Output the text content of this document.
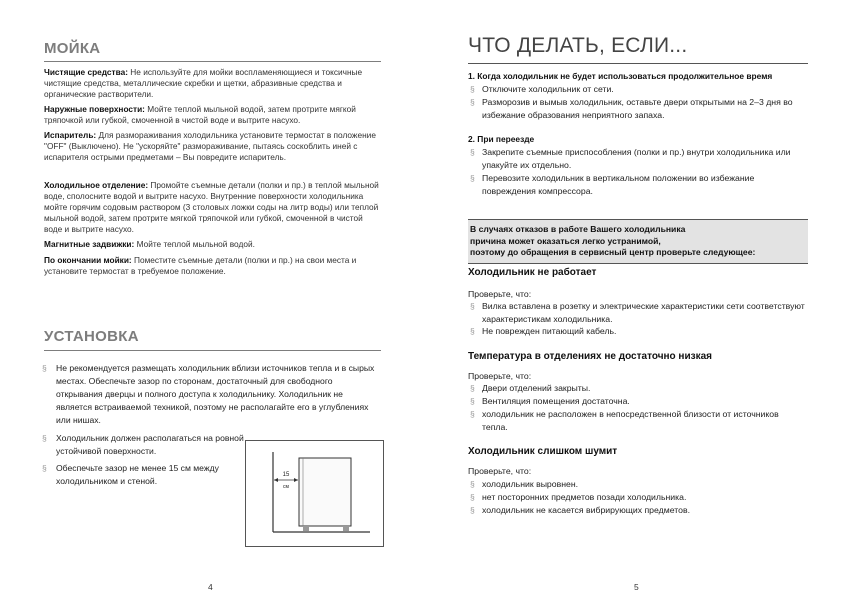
МОЙКА
Чистящие средства: Не используйте для мойки воспламеняющиеся и токсичные чистящие средства, металлические скребки и щетки, абразивные средства и органические растворители.
Наружные поверхности: Мойте теплой мыльной водой, затем протрите мягкой тряпочкой или губкой, смоченной в чистой воде и вытрите насухо.
Испаритель: Для размораживания холодильника установите термостат в положение "OFF" (Выключено). Не "ускоряйте" размораживание, пытаясь соскоблить иней с испарителя острыми предметами – Вы повредите испаритель.
Холодильное отделение: Промойте съемные детали (полки и пр.) в теплой мыльной воде, сполосните водой и вытрите насухо. Внутренние поверхности холодильника мойте горячим содовым раствором (3 столовых ложки соды на литр воды) или теплой мыльной водой, затем протрите мягкой тряпочкой или губкой, смоченной в чистой воде и вытрите насухо.
Магнитные задвижки: Мойте теплой мыльной водой.
По окончании мойки: Поместите съемные детали (полки и пр.) на свои места и установите термостат в требуемое положение.
УСТАНОВКА
§ Не рекомендуется размещать холодильник вблизи источников тепла и в сырых местах. Обеспечьте зазор по сторонам, достаточный для свободного открывания дверцы и полного доступа к холодильнику. Холодильник не является встраиваемой техникой, поэтому не располагайте его в углублениях или нишах.
§ Холодильник должен располагаться на ровной устойчивой поверхности.
§ Обеспечьте зазор не менее 15 см между холодильником и стеной.
15
см
4
ЧТО ДЕЛАТЬ, ЕСЛИ...
1. Когда холодильник не будет использоваться продолжительное время
§ Отключите холодильник от сети.
§ Разморозив и вымыв холодильник, оставьте двери открытыми на 2–3 дня во избежание образования неприятного запаха.
2. При переезде
§ Закрепите съемные приспособления (полки и пр.) внутри холодильника или упакуйте их отдельно.
§ Перевозите холодильник в вертикальном положении во избежание повреждения компрессора.
В случаях отказов в работе Вашего холодильника
причина может оказаться легко устранимой,
поэтому до обращения в сервисный центр проверьте следующее:
Холодильник не работает
Проверьте, что:
§ Вилка вставлена в розетку и электрические характеристики сети соответствуют характеристикам холодильника.
§ Не поврежден питающий кабель.
Температура в отделениях не достаточно низкая
Проверьте, что:
§ Двери отделений закрыты.
§ Вентиляция помещения достаточна.
§ холодильник не расположен в непосредственной близости от источников тепла.
Холодильник слишком шумит
Проверьте, что:
§ холодильник выровнен.
§ нет посторонних предметов позади холодильника.
§ холодильник не касается вибрирующих предметов.
5
